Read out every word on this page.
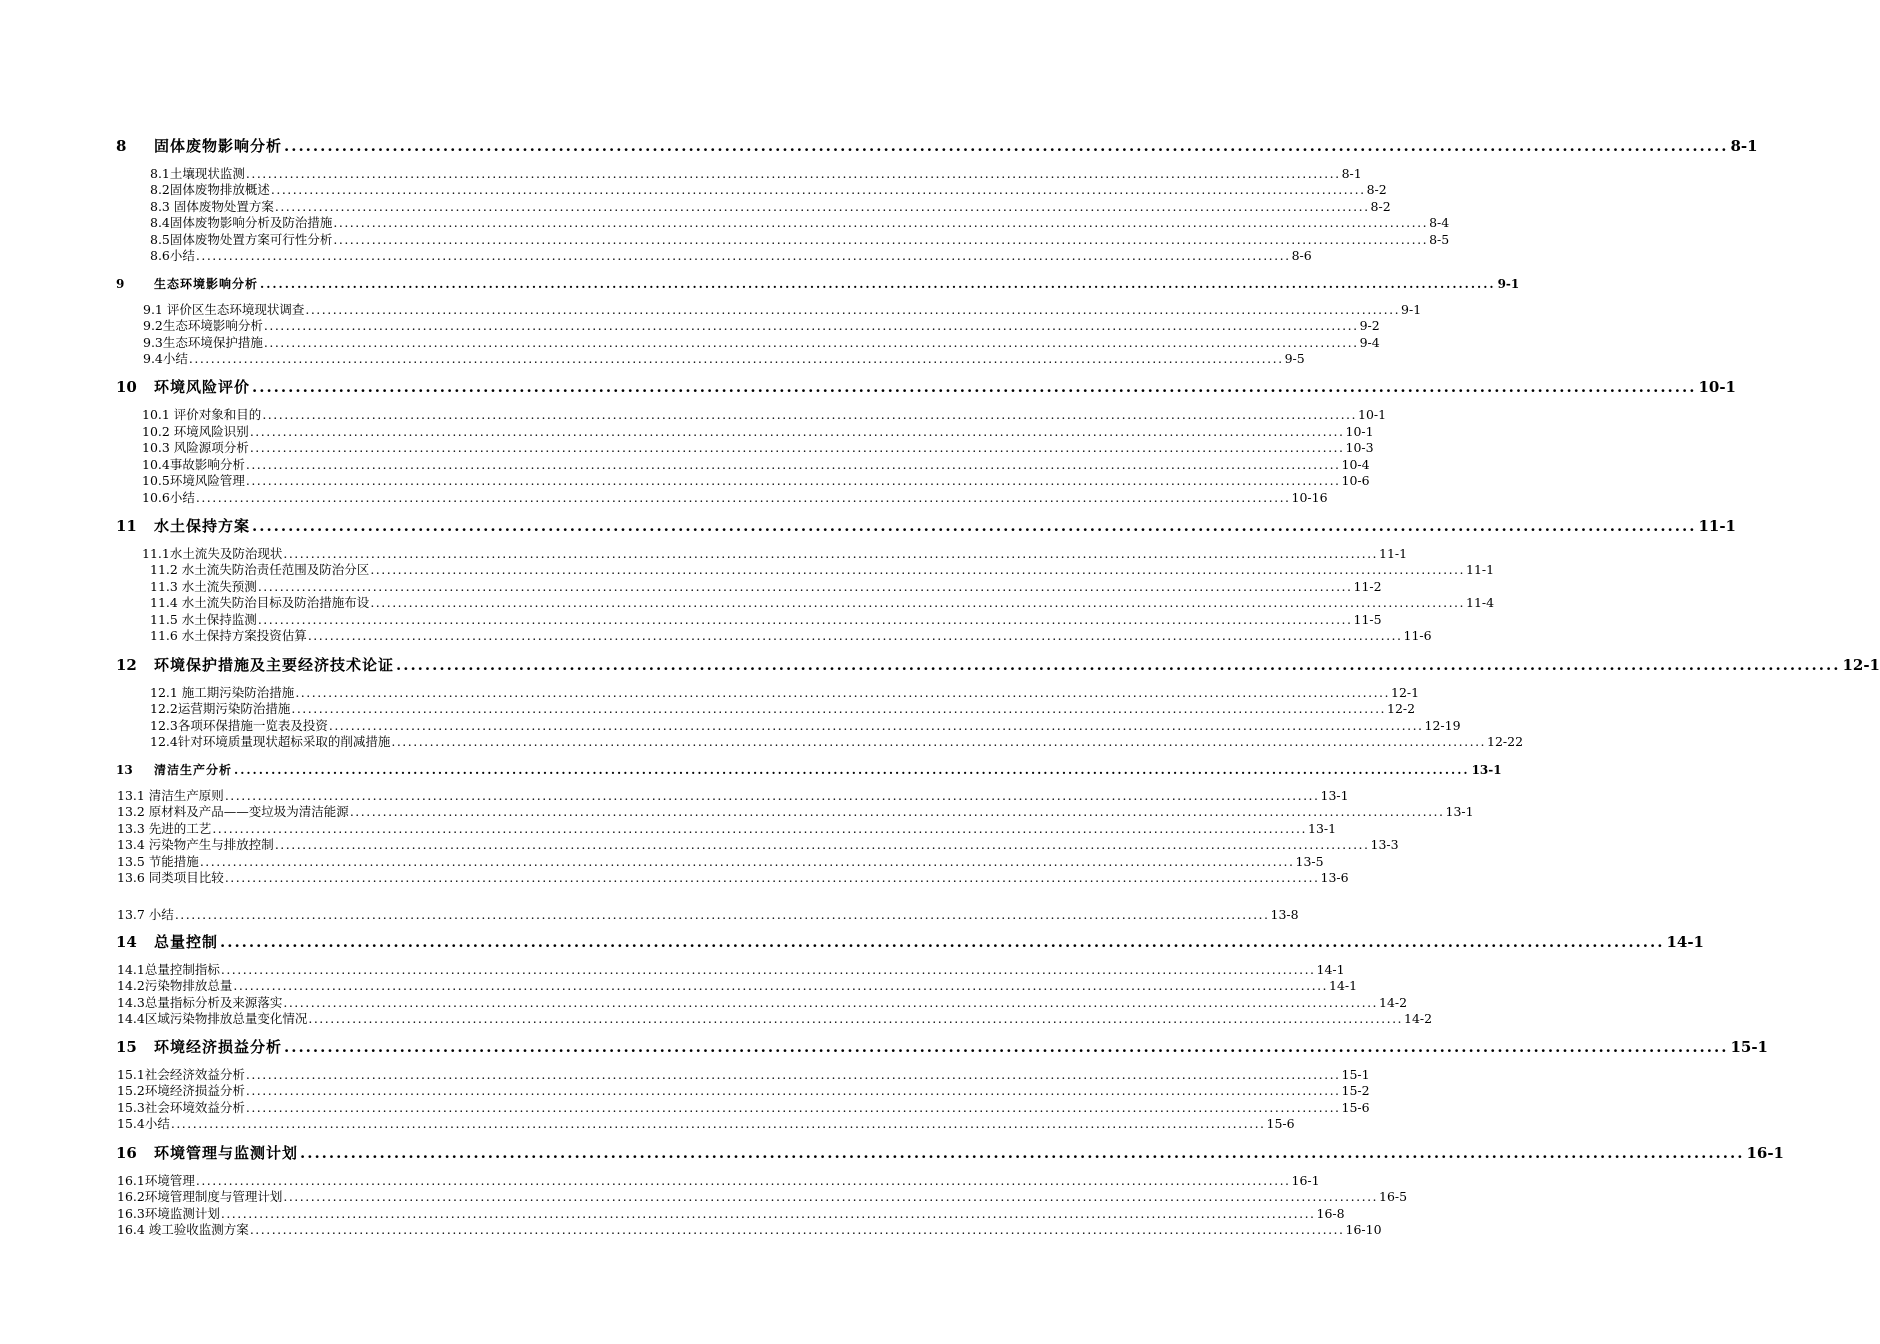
8	固体废物影响分析 ........................................................................................................................................................................................................ 8-1
8.1土壤现状监测 ........................................................................................................................................................................................................ 8-1
8.2固体废物排放概述 ........................................................................................................................................................................................................ 8-2
8.3 固体废物处置方案 ........................................................................................................................................................................................................ 8-2
8.4固体废物影响分析及防治措施 ........................................................................................................................................................................................................ 8-4
8.5固体废物处置方案可行性分析 ........................................................................................................................................................................................................ 8-5
8.6小结 ........................................................................................................................................................................................................ 8-6
9	生态环境影响分析 ........................................................................................................................................................................................................ 9-1
9.1 评价区生态环境现状调查 ........................................................................................................................................................................................................ 9-1
9.2生态环境影响分析 ........................................................................................................................................................................................................ 9-2
9.3生态环境保护措施 ........................................................................................................................................................................................................ 9-4
9.4小结 ........................................................................................................................................................................................................ 9-5
10	环境风险评价 ........................................................................................................................................................................................................ 10-1
10.1 评价对象和目的 ........................................................................................................................................................................................................ 10-1
10.2 环境风险识别 ........................................................................................................................................................................................................ 10-1
10.3 风险源项分析 ........................................................................................................................................................................................................ 10-3
10.4事故影响分析 ........................................................................................................................................................................................................ 10-4
10.5环境风险管理 ........................................................................................................................................................................................................ 10-6
10.6小结 ........................................................................................................................................................................................................ 10-16
11	水土保持方案 ........................................................................................................................................................................................................ 11-1
11.1水土流失及防治现状 ........................................................................................................................................................................................................ 11-1
11.2 水土流失防治责任范围及防治分区 ........................................................................................................................................................................................................ 11-1
11.3 水土流失预测 ........................................................................................................................................................................................................ 11-2
11.4 水土流失防治目标及防治措施布设 ........................................................................................................................................................................................................ 11-4
11.5 水土保持监测 ........................................................................................................................................................................................................ 11-5
11.6 水土保持方案投资估算 ........................................................................................................................................................................................................ 11-6
12	环境保护措施及主要经济技术论证 ........................................................................................................................................................................................................ 12-1
12.1 施工期污染防治措施 ........................................................................................................................................................................................................ 12-1
12.2运营期污染防治措施 ........................................................................................................................................................................................................ 12-2
12.3各项环保措施一览表及投资 ........................................................................................................................................................................................................ 12-19
12.4针对环境质量现状超标采取的削减措施 ........................................................................................................................................................................................................ 12-22
13	清洁生产分析 ........................................................................................................................................................................................................ 13-1
13.1 清洁生产原则 ........................................................................................................................................................................................................ 13-1
13.2 原材料及产品——变垃圾为清洁能源 ........................................................................................................................................................................................................ 13-1
13.3 先进的工艺 ........................................................................................................................................................................................................ 13-1
13.4 污染物产生与排放控制 ........................................................................................................................................................................................................ 13-3
13.5 节能措施 ........................................................................................................................................................................................................ 13-5
13.6 同类项目比较 ........................................................................................................................................................................................................ 13-6
13.7 小结 ........................................................................................................................................................................................................ 13-8
14	总量控制 ........................................................................................................................................................................................................ 14-1
14.1总量控制指标 ........................................................................................................................................................................................................ 14-1
14.2污染物排放总量 ........................................................................................................................................................................................................ 14-1
14.3总量指标分析及来源落实 ........................................................................................................................................................................................................ 14-2
14.4区域污染物排放总量变化情况 ........................................................................................................................................................................................................ 14-2
15	环境经济损益分析 ........................................................................................................................................................................................................ 15-1
15.1社会经济效益分析 ........................................................................................................................................................................................................ 15-1
15.2环境经济损益分析 ........................................................................................................................................................................................................ 15-2
15.3社会环境效益分析 ........................................................................................................................................................................................................ 15-6
15.4小结 ........................................................................................................................................................................................................ 15-6
16	环境管理与监测计划 ........................................................................................................................................................................................................ 16-1
16.1环境管理 ........................................................................................................................................................................................................ 16-1
16.2环境管理制度与管理计划 ........................................................................................................................................................................................................ 16-5
16.3环境监测计划 ........................................................................................................................................................................................................ 16-8
16.4 竣工验收监测方案 ........................................................................................................................................................................................................ 16-10
